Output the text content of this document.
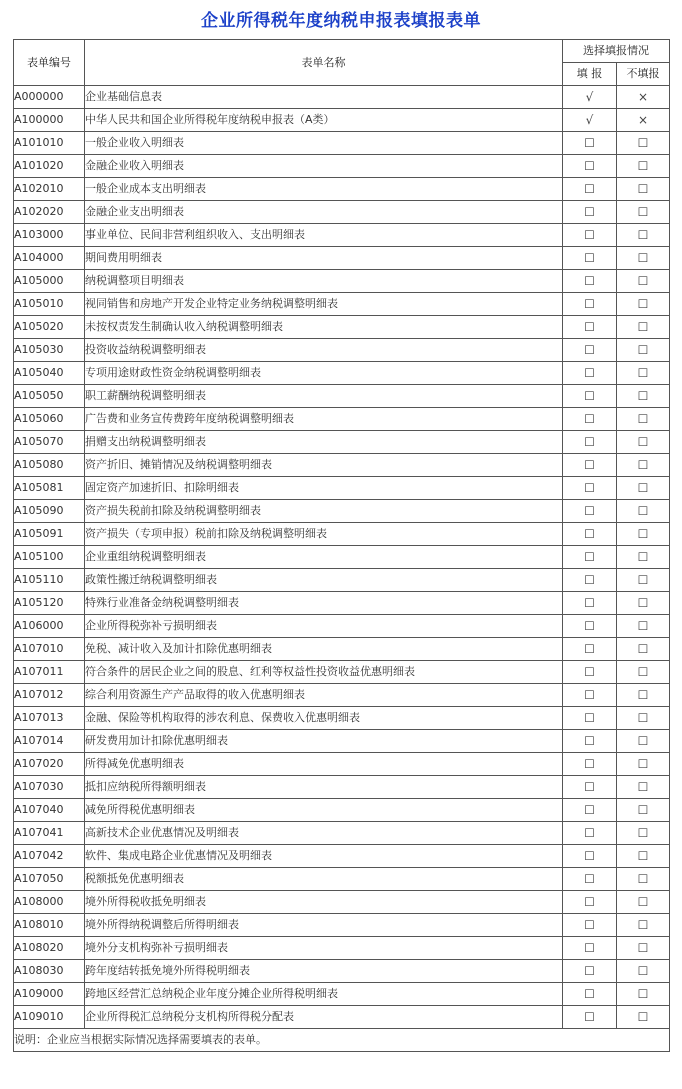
企业所得税年度纳税申报表填报表单
表单编号	表单名称	选择填报情况	
		填 报	不填报
A000000	企业基础信息表	√	×
A100000	中华人民共和国企业所得税年度纳税申报表（A类）	√	×
A101010	一般企业收入明细表	☐	☐
A101020	金融企业收入明细表	☐	☐
A102010	一般企业成本支出明细表	☐	☐
A102020	金融企业支出明细表	☐	☐
A103000	事业单位、民间非营利组织收入、支出明细表	☐	☐
A104000	期间费用明细表	☐	☐
A105000	纳税调整项目明细表	☐	☐
A105010	视同销售和房地产开发企业特定业务纳税调整明细表	☐	☐
A105020	未按权责发生制确认收入纳税调整明细表	☐	☐
A105030	投资收益纳税调整明细表	☐	☐
A105040	专项用途财政性资金纳税调整明细表	☐	☐
A105050	职工薪酬纳税调整明细表	☐	☐
A105060	广告费和业务宣传费跨年度纳税调整明细表	☐	☐
A105070	捐赠支出纳税调整明细表	☐	☐
A105080	资产折旧、摊销情况及纳税调整明细表	☐	☐
A105081	固定资产加速折旧、扣除明细表	☐	☐
A105090	资产损失税前扣除及纳税调整明细表	☐	☐
A105091	资产损失（专项申报）税前扣除及纳税调整明细表	☐	☐
A105100	企业重组纳税调整明细表	☐	☐
A105110	政策性搬迁纳税调整明细表	☐	☐
A105120	特殊行业准备金纳税调整明细表	☐	☐
A106000	企业所得税弥补亏损明细表	☐	☐
A107010	免税、减计收入及加计扣除优惠明细表	☐	☐
A107011	符合条件的居民企业之间的股息、红利等权益性投资收益优惠明细表	☐	☐
A107012	综合利用资源生产产品取得的收入优惠明细表	☐	☐
A107013	金融、保险等机构取得的涉农利息、保费收入优惠明细表	☐	☐
A107014	研发费用加计扣除优惠明细表	☐	☐
A107020	所得减免优惠明细表	☐	☐
A107030	抵扣应纳税所得额明细表	☐	☐
A107040	减免所得税优惠明细表	☐	☐
A107041	高新技术企业优惠情况及明细表	☐	☐
A107042	软件、集成电路企业优惠情况及明细表	☐	☐
A107050	税额抵免优惠明细表	☐	☐
A108000	境外所得税收抵免明细表	☐	☐
A108010	境外所得纳税调整后所得明细表	☐	☐
A108020	境外分支机构弥补亏损明细表	☐	☐
A108030	跨年度结转抵免境外所得税明细表	☐	☐
A109000	跨地区经营汇总纳税企业年度分摊企业所得税明细表	☐	☐
A109010	企业所得税汇总纳税分支机构所得税分配表	☐	☐
说明：企业应当根据实际情况选择需要填表的表单。			
